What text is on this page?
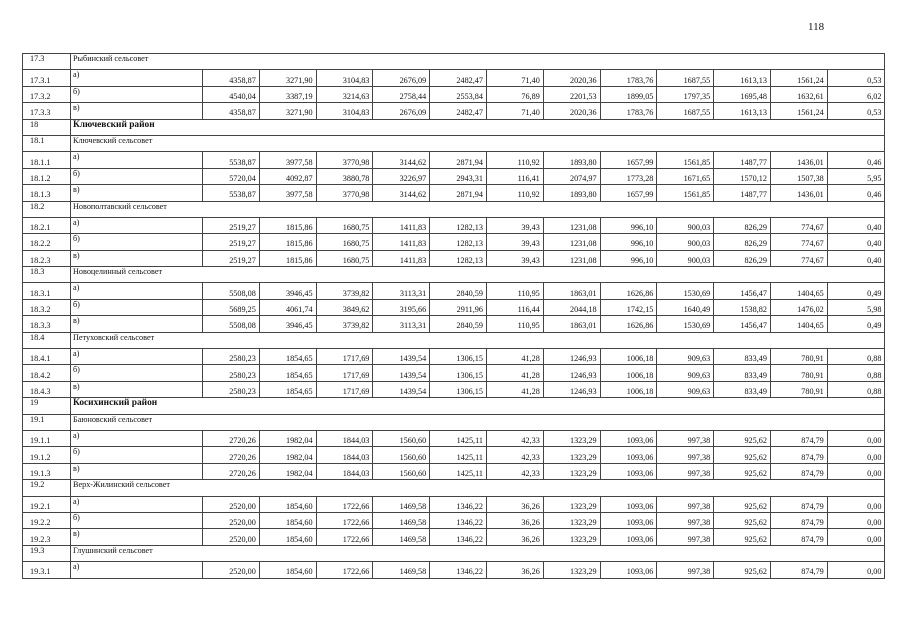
118
17.3	Рыбинский сельсовет												
17.3.1	а)	4358,87	3271,90	3104,83	2676,09	2482,47	71,40	2020,36	1783,76	1687,55	1613,13	1561,24	0,53
17.3.2	б)	4540,04	3387,19	3214,63	2758,44	2553,84	76,89	2201,53	1899,05	1797,35	1695,48	1632,61	6,02
17.3.3	в)	4358,87	3271,90	3104,83	2676,09	2482,47	71,40	2020,36	1783,76	1687,55	1613,13	1561,24	0,53
18	Ключевский район												
18.1	Ключевский сельсовет												
18.1.1	а)	5538,87	3977,58	3770,98	3144,62	2871,94	110,92	1893,80	1657,99	1561,85	1487,77	1436,01	0,46
18.1.2	б)	5720,04	4092,87	3880,78	3226,97	2943,31	116,41	2074,97	1773,28	1671,65	1570,12	1507,38	5,95
18.1.3	в)	5538,87	3977,58	3770,98	3144,62	2871,94	110,92	1893,80	1657,99	1561,85	1487,77	1436,01	0,46
18.2	Новополтавский сельсовет												
18.2.1	а)	2519,27	1815,86	1680,75	1411,83	1282,13	39,43	1231,08	996,10	900,03	826,29	774,67	0,40
18.2.2	б)	2519,27	1815,86	1680,75	1411,83	1282,13	39,43	1231,08	996,10	900,03	826,29	774,67	0,40
18.2.3	в)	2519,27	1815,86	1680,75	1411,83	1282,13	39,43	1231,08	996,10	900,03	826,29	774,67	0,40
18.3	Новоцелинный сельсовет												
18.3.1	а)	5508,08	3946,45	3739,82	3113,31	2840,59	110,95	1863,01	1626,86	1530,69	1456,47	1404,65	0,49
18.3.2	б)	5689,25	4061,74	3849,62	3195,66	2911,96	116,44	2044,18	1742,15	1640,49	1538,82	1476,02	5,98
18.3.3	в)	5508,08	3946,45	3739,82	3113,31	2840,59	110,95	1863,01	1626,86	1530,69	1456,47	1404,65	0,49
18.4	Петуховский сельсовет												
18.4.1	а)	2580,23	1854,65	1717,69	1439,54	1306,15	41,28	1246,93	1006,18	909,63	833,49	780,91	0,88
18.4.2	б)	2580,23	1854,65	1717,69	1439,54	1306,15	41,28	1246,93	1006,18	909,63	833,49	780,91	0,88
18.4.3	в)	2580,23	1854,65	1717,69	1439,54	1306,15	41,28	1246,93	1006,18	909,63	833,49	780,91	0,88
19	Косихинский район												
19.1	Баюновский сельсовет												
19.1.1	а)	2720,26	1982,04	1844,03	1560,60	1425,11	42,33	1323,29	1093,06	997,38	925,62	874,79	0,00
19.1.2	б)	2720,26	1982,04	1844,03	1560,60	1425,11	42,33	1323,29	1093,06	997,38	925,62	874,79	0,00
19.1.3	в)	2720,26	1982,04	1844,03	1560,60	1425,11	42,33	1323,29	1093,06	997,38	925,62	874,79	0,00
19.2	Верх-Жилинский сельсовет												
19.2.1	а)	2520,00	1854,60	1722,66	1469,58	1346,22	36,26	1323,29	1093,06	997,38	925,62	874,79	0,00
19.2.2	б)	2520,00	1854,60	1722,66	1469,58	1346,22	36,26	1323,29	1093,06	997,38	925,62	874,79	0,00
19.2.3	в)	2520,00	1854,60	1722,66	1469,58	1346,22	36,26	1323,29	1093,06	997,38	925,62	874,79	0,00
19.3	Глушинский сельсовет												
19.3.1	а)	2520,00	1854,60	1722,66	1469,58	1346,22	36,26	1323,29	1093,06	997,38	925,62	874,79	0,00
